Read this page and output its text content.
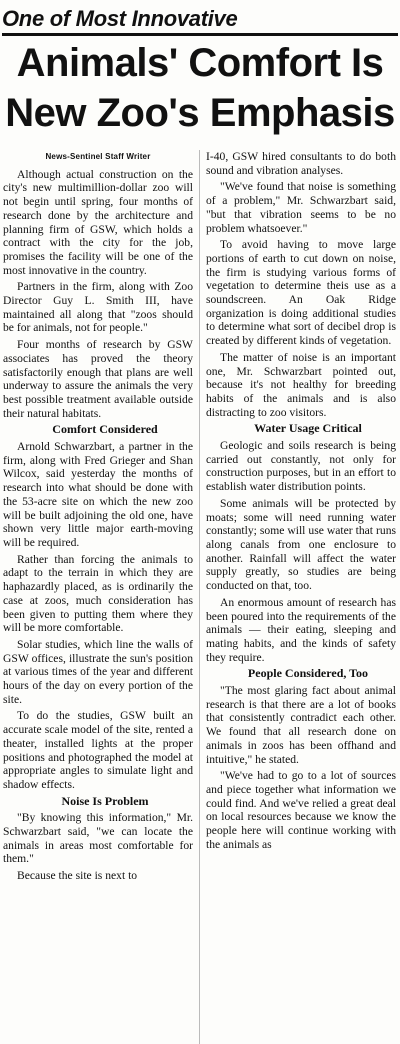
One of Most Innovative
Animals' Comfort Is
New Zoo's Emphasis
News-Sentinel Staff Writer

Although actual construction on the city's new multimillion-dollar zoo will not begin until spring, four months of research done by the architecture and planning firm of GSW, which holds a contract with the city for the job, promises the facility will be one of the most innovative in the country.

Partners in the firm, along with Zoo Director Guy L. Smith III, have maintained all along that "zoos should be for animals, not for people."

Four months of research by GSW associates has proved the theory satisfactorily enough that plans are well underway to assure the animals the very best possible treatment available outside their natural habitats.

Comfort Considered

Arnold Schwarzbart, a partner in the firm, along with Fred Grieger and Shan Wilcox, said yesterday the months of research into what should be done with the 53-acre site on which the new zoo will be built adjoining the old one, have shown very little major earth-moving will be required.

Rather than forcing the animals to adapt to the terrain in which they are haphazardly placed, as is ordinarily the case at zoos, much consideration has been given to putting them where they will be more comfortable.

Solar studies, which line the walls of GSW offices, illustrate the sun's position at various times of the year and different hours of the day on every portion of the site.

To do the studies, GSW built an accurate scale model of the site, rented a theater, installed lights at the proper positions and photographed the model at appropriate angles to simulate light and shadow effects.

Noise Is Problem

"By knowing this information," Mr. Schwarzbart said, "we can locate the animals in areas most comfortable for them."

Because the site is next to

I-40, GSW hired consultants to do both sound and vibration analyses.

"We've found that noise is something of a problem," Mr. Schwarzbart said, "but that vibration seems to be no problem whatsoever."

To avoid having to move large portions of earth to cut down on noise, the firm is studying various forms of vegetation to determine theis use as a soundscreen. An Oak Ridge organization is doing additional studies to determine what sort of decibel drop is created by different kinds of vegetation.

The matter of noise is an important one, Mr. Schwarzbart pointed out, because it's not healthy for breeding habits of the animals and is also distracting to zoo visitors.

Water Usage Critical

Geologic and soils research is being carried out constantly, not only for construction purposes, but in an effort to establish water distribution points.

Some animals will be protected by moats; some will need running water constantly; some will use water that runs along canals from one enclosure to another. Rainfall will affect the water supply greatly, so studies are being conducted on that, too.

An enormous amount of research has been poured into the requirements of the animals — their eating, sleeping and mating habits, and the kinds of safety they require.

People Considered, Too

"The most glaring fact about animal research is that there are a lot of books that consistently contradict each other. We found that all research done on animals in zoos has been offhand and intuitive," he stated.

"We've had to go to a lot of sources and piece together what information we could find. And we've relied a great deal on local resources because we know the people here will continue working with the animals as
